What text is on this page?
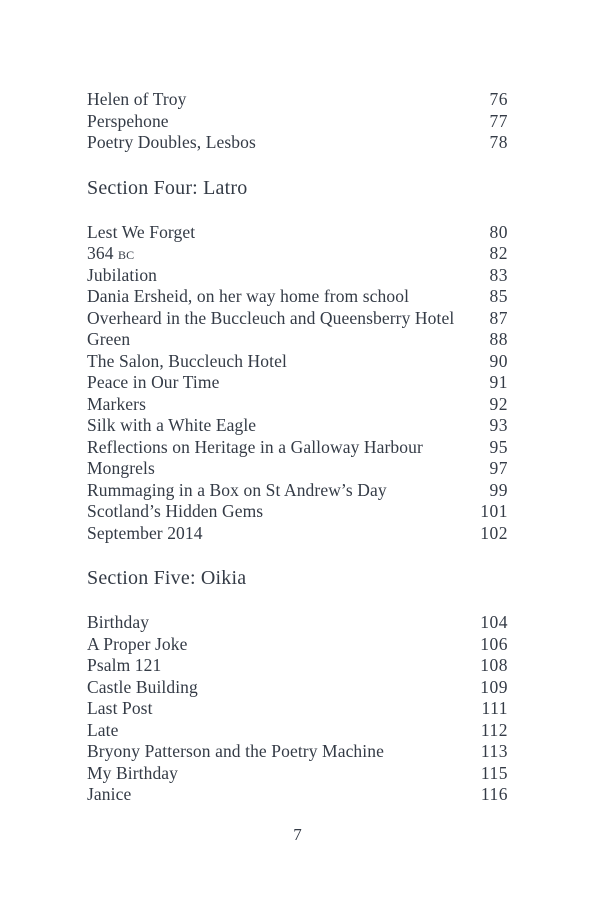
Helen of Troy	76
Perspehone	77
Poetry Doubles, Lesbos	78
Section Four: Latro
Lest We Forget	80
364 bc	82
Jubilation	83
Dania Ersheid, on her way home from school	85
Overheard in the Buccleuch and Queensberry Hotel 87
Green	88
The Salon, Buccleuch Hotel	90
Peace in Our Time	91
Markers	92
Silk with a White Eagle	93
Reflections on Heritage in a Galloway Harbour	95
Mongrels	97
Rummaging in a Box on St Andrew’s Day	99
Scotland’s Hidden Gems	101
September 2014	102
Section Five: Oikia
Birthday	104
A Proper Joke	106
Psalm 121	108
Castle Building	109
Last Post	111
Late	112
Bryony Patterson and the Poetry Machine	113
My Birthday	115
Janice	116
7
